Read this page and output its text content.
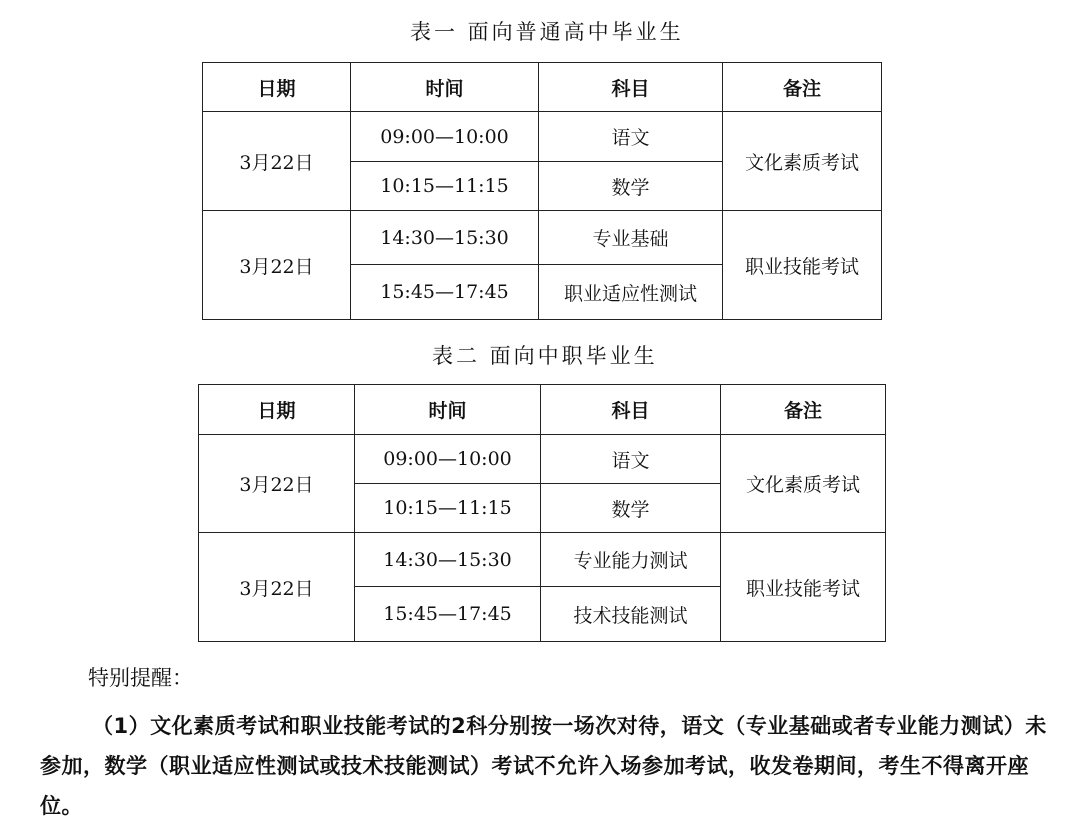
表一 面向普通高中毕业生
日期	时间	科目	备注
3月22日	09:00—10:00	语文	文化素质考试
	10:15—11:15	数学	
3月22日	14:30—15:30	专业基础	职业技能考试
	15:45—17:45	职业适应性测试	
表二 面向中职毕业生
日期	时间	科目	备注
3月22日	09:00—10:00	语文	文化素质考试
	10:15—11:15	数学	
3月22日	14:30—15:30	专业能力测试	职业技能考试
	15:45—17:45	技术技能测试	
特别提醒：
（1）文化素质考试和职业技能考试的2科分别按一场次对待，语文（专业基础或者专业能力测试）未参加，数学（职业适应性测试或技术技能测试）考试不允许入场参加考试，收发卷期间，考生不得离开座位。
